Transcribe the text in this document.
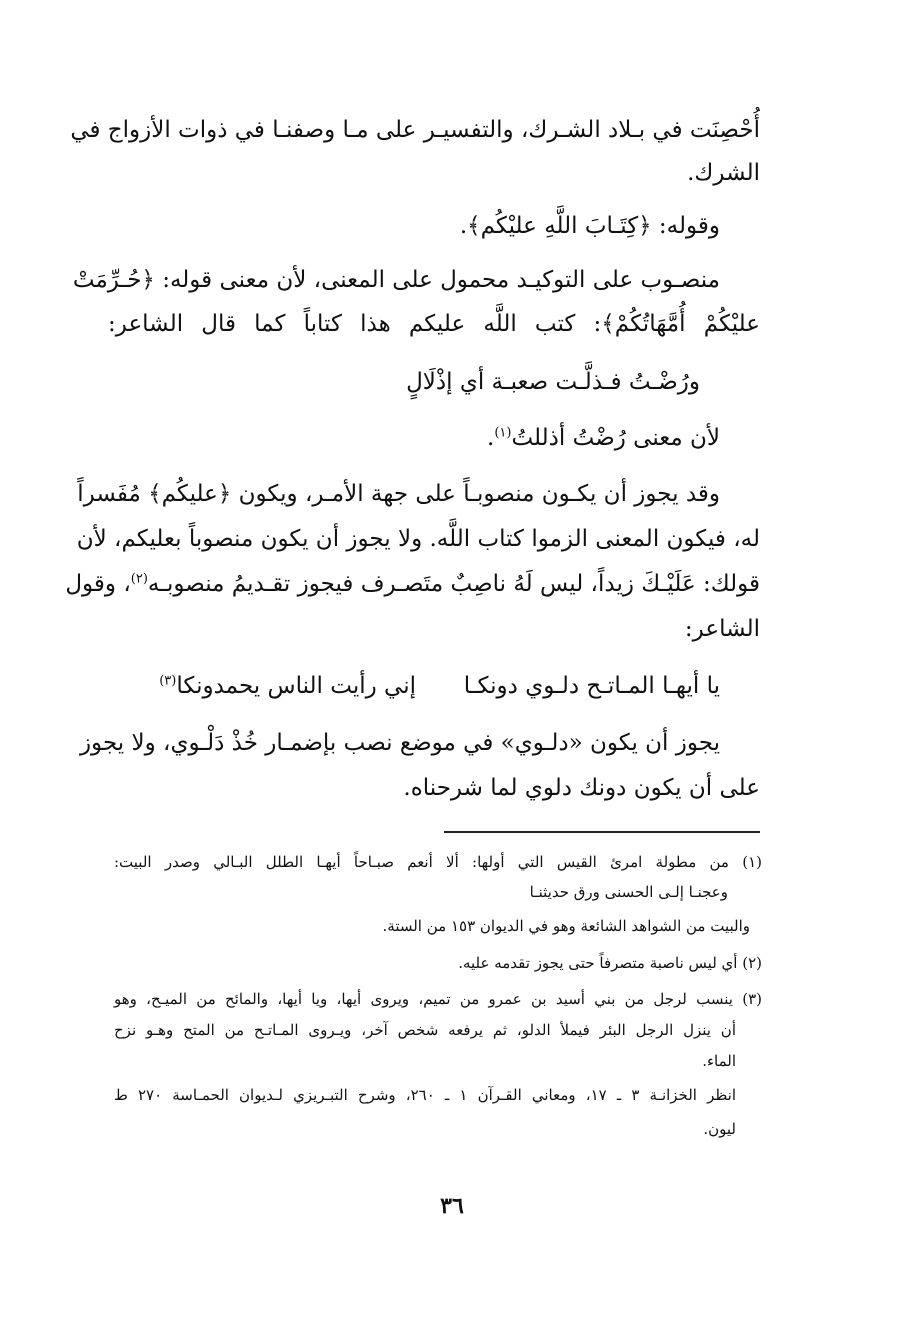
أُحْصِنَت في بـلاد الشـرك، والتفسيـر على مـا وصفنـا في ذوات الأزواج في
الشرك.
وقوله: ﴿كِتَـابَ اللَّهِ عليْكُم﴾.
منصـوب على التوكيـد محمول على المعنى، لأن معنى قوله: ﴿حُـرِّمَتْ
عليْكُمْ أُمَّهَاتُكُمْ﴾: كتب اللَّه عليكم هذا كتاباً كما قال الشاعر:
ورُضْـتُ فـذلَّـت صعبـة أي إذْلَالٍ
لأن معنى رُضْتُ أذللتُ$^{(١)}$.
وقد يجوز أن يكـون منصوبـاً على جهة الأمـر، ويكون ﴿عليكُم﴾ مُفَسراً
له، فيكون المعنى الزموا كتاب اللَّه. ولا يجوز أن يكون منصوباً بعليكم، لأن
قولك: عَلَيْـكَ زيداً، ليس لَهُ ناصِبٌ متَصـرف فيجوز تقـديمُ منصوبـه$^{(٢)}$، وقول
الشاعر:
يا أيهـا المـاتـح دلـوي دونكـا
إني رأيت الناس يحمدونكا$^{(٣)}$
يجوز أن يكون «دلـوي» في موضع نصب بإضمـار خُذْ دَلْـوي، ولا يجوز
على أن يكون دونك دلوي لما شرحناه.
(١) من مطولة امرئ القيس التي أولها: ألا أنعم صبـاحاً أيهـا الطلل البـالي وصدر البيت:
وعجنـا إلـى الحسنى ورق حديثنـا
والبيت من الشواهد الشائعة وهو في الديوان ١٥٣ من الستة.
(٢) أي ليس ناصبة متصرفاً حتى يجوز تقدمه عليه.
(٣) ينسب لرجل من بني أسيد بن عمرو من تميم، ويروى أيها، ويا أيها، والمائح من الميـح، وهو
أن ينزل الرجل البئر فيملأ الدلو، ثم يرفعه شخص آخر، ويـروى المـاتـح من المتح وهـو نزح
الماء.
انظر الخزانـة ٣ ـ ١٧، ومعاني القـرآن ١ ـ ٢٦٠، وشرح التبـريزي لـديوان الحمـاسة ٢٧٠ ط
ليون.
٣٦
